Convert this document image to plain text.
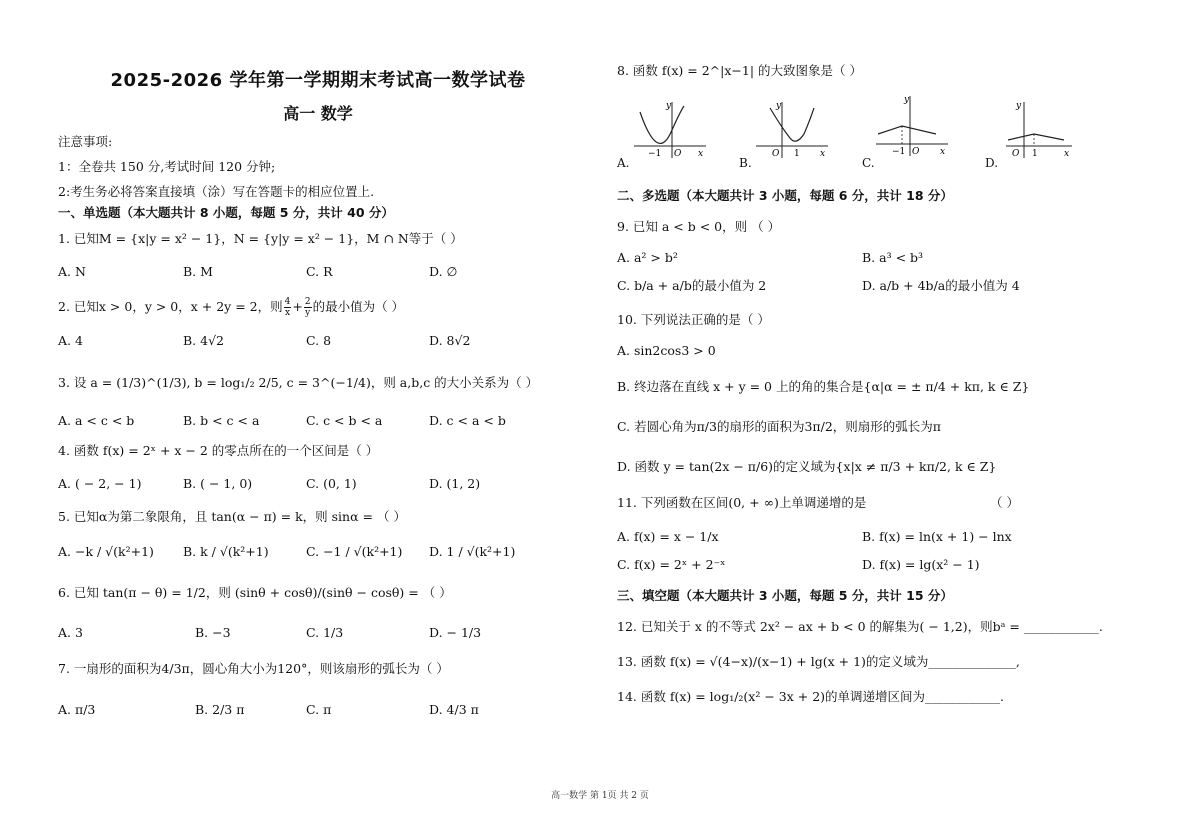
2025-2026 学年第一学期期末考试高一数学试卷
高一 数学
注意事项:
1：全卷共 150 分,考试时间 120 分钟;
2:考生务必将答案直接填（涂）写在答题卡的相应位置上.
一、单选题（本大题共计 8 小题，每题 5 分，共计 40 分）
1. 已知M = {x|y = x² − 1}，N = {y|y = x² − 1}，M ∩ N等于（ ）
A. N	B. M	C. R	D. ∅
2. 已知x > 0，y > 0，x + 2y = 2，则 $\frac{4}{x} + \frac{2}{y}$ 的最小值为（ ）
A. 4	B. 4√2	C. 8	D. 8√2
3. 设 a = (1/3)^(1/3), b = log₁/₂ 2/5, c = 3^(−1/4)，则 a,b,c 的大小关系为（ ）
A. a < c < b	B. b < c < a	C. c < b < a	D. c < a < b
4. 函数 f(x) = 2ˣ + x − 2 的零点所在的一个区间是（ ）
A. ( − 2, − 1)	B. ( − 1, 0)	C. (0, 1)	D. (1, 2)
5. 已知α为第二象限角，且 tan(α − π) = k，则 sinα = （ ）
A. −k / √(k²+1) B. k / √(k²+1)	C. −1 / √(k²+1) D. 1 / √(k²+1)
6. 已知 tan(π − θ) = 1/2，则 (sinθ + cosθ)/(sinθ − cosθ) = （ ）
A. 3	B. −3	C. 1/3	D. − 1/3
7. 一扇形的面积为4/3π，圆心角大小为120°，则该扇形的弧长为（ ）
A. π/3	B. 2/3 π	C. π	D. 4/3 π
8. 函数 f(x) = 2^|x−1| 的大致图象是（ ）
y
−1 O x
A.
y
O 1 x
B.
y
−1 O x
C.
y
O 1	x
D.
二、多选题（本大题共计 3 小题，每题 6 分，共计 18 分）
9. 已知 a < b < 0，则 （ ）
A. a² > b²	B. a³ < b³
C. b/a + a/b的最小值为 2	D. a/b + 4b/a的最小值为 4
10. 下列说法正确的是（ ）
A. sin2cos3 > 0
B. 终边落在直线 x + y = 0 上的角的集合是{α|α = ± π/4 + kπ, k ∈ Z}
C. 若圆心角为π/3的扇形的面积为3π/2，则扇形的弧长为π
D. 函数 y = tan(2x − π/6)的定义域为{x|x ≠ π/3 + kπ/2, k ∈ Z}
11. 下列函数在区间(0, + ∞)上单调递增的是	（ ）
A. f(x) = x − 1/x	B. f(x) = ln(x + 1) − lnx
C. f(x) = 2ˣ + 2⁻ˣ	D. f(x) = lg(x² − 1)
三、填空题（本大题共计 3 小题，每题 5 分，共计 15 分）
12. 已知关于 x 的不等式 2x² − ax + b < 0 的解集为( − 1,2)，则bᵃ = ____________.
13. 函数 f(x) = √(4−x)/(x−1) + lg(x + 1)的定义域为______________,
14. 函数 f(x) = log₁/₂(x² − 3x + 2)的单调递增区间为____________.
高一数学 第 1页 共 2 页
